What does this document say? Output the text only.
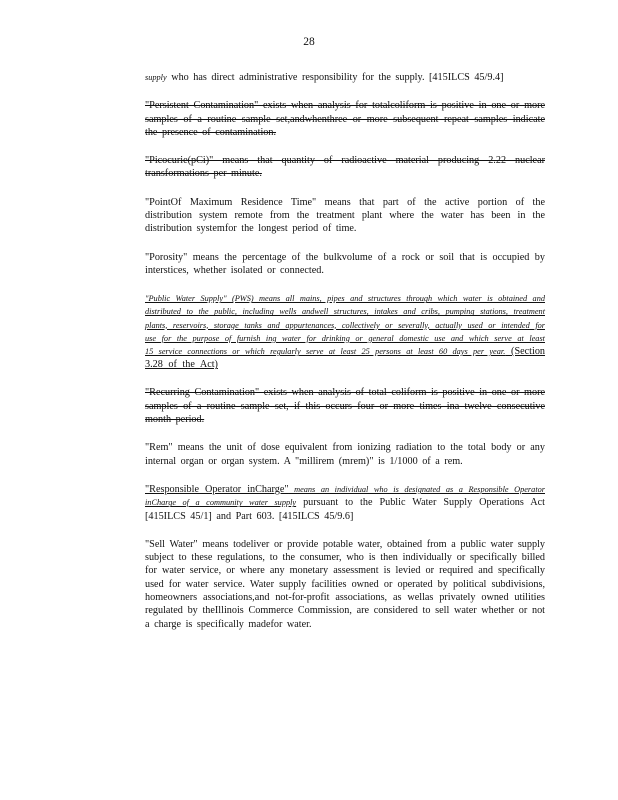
28

supply who has direct administrative responsibility for the supply. [415ILCS 45/9.4]

"Persistent Contamination" exists when analysis for totalcoliform is positive in one or more samples of a routine sample set,andwhenthree or more subsequent repeat samples indicate the presence of contamination.

"Picocurie(pCi)" means that quantity of radioactive material producing 2.22 nuclear transformations per minute.

"PointOf Maximum Residence Time" means that part of the active portion of the distribution system remote from the treatment plant where the water has been in the distribution systemfor the longest period of time.

"Porosity" means the percentage of the bulkvolume of a rock or soil that is occupied by interstices, whether isolated or connected.

"Public Water Supply" (PWS) means all mains, pipes and structures through which water is obtained and distributed to the public, including wells andwell structures, intakes and cribs, pumping stations, treatment plants, reservoirs, storage tanks and appurtenances, collectively or severally, actually used or intended for use for the purpose of furnish ing water for drinking or general domestic use and which serve at least 15 service connections or which regularly serve at least 25 persons at least 60 days per year. (Section 3.28 of the Act)

"Recurring Contamination" exists when analysis of total coliform is positive in one or more samples of a routine sample set, if this occurs four or more times ina twelve consecutive month period.

"Rem" means the unit of dose equivalent from ionizing radiation to the total body or any internal organ or organ system. A "millirem (mrem)" is 1/1000 of a rem.

"Responsible Operator inCharge" means an individual who is designated as a Responsible Operator inCharge of a community water supply pursuant to the Public Water Supply Operations Act [415ILCS 45/1] and Part 603. [415ILCS 45/9.6]

"Sell Water" means todeliver or provide potable water, obtained from a public water supply subject to these regulations, to the consumer, who is then individually or specifically billed for water service, or where any monetary assessment is levied or required and specifically used for water service. Water supply facilities owned or operated by political subdivisions, homeowners associations,and not-for-profit associations, as wellas privately owned utilities regulated by theIllinois Commerce Commission, are considered to sell water whether or not a charge is specifically madefor water.
